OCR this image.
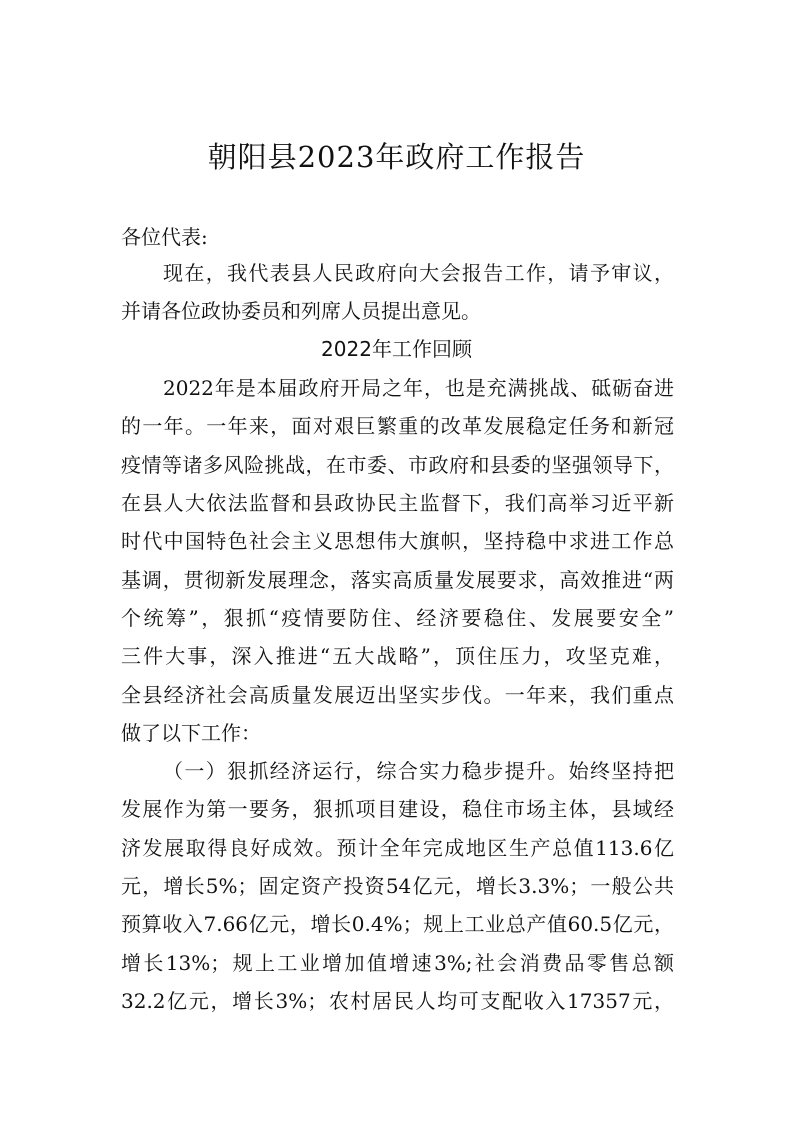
朝阳县2023年政府工作报告
各位代表:
现在，我代表县人民政府向大会报告工作，请予审议，
并请各位政协委员和列席人员提出意见。
2022年工作回顾
2022年是本届政府开局之年，也是充满挑战、砥砺奋进
的一年。一年来，面对艰巨繁重的改革发展稳定任务和新冠
疫情等诸多风险挑战，在市委、市政府和县委的坚强领导下，
在县人大依法监督和县政协民主监督下，我们高举习近平新
时代中国特色社会主义思想伟大旗帜，坚持稳中求进工作总
基调，贯彻新发展理念，落实高质量发展要求，高效推进“两
个统筹”，狠抓“疫情要防住、经济要稳住、发展要安全”
三件大事，深入推进“五大战略”，顶住压力，攻坚克难，
全县经济社会高质量发展迈出坚实步伐。一年来，我们重点
做了以下工作：
（一）狠抓经济运行，综合实力稳步提升。始终坚持把
发展作为第一要务，狠抓项目建设，稳住市场主体，县域经
济发展取得良好成效。预计全年完成地区生产总值113.6亿
元，增长5%；固定资产投资54亿元，增长3.3%；一般公共
预算收入7.66亿元，增长0.4%；规上工业总产值60.5亿元，
增长13%；规上工业增加值增速3%;社会消费品零售总额
32.2亿元，增长3%；农村居民人均可支配收入17357元，
